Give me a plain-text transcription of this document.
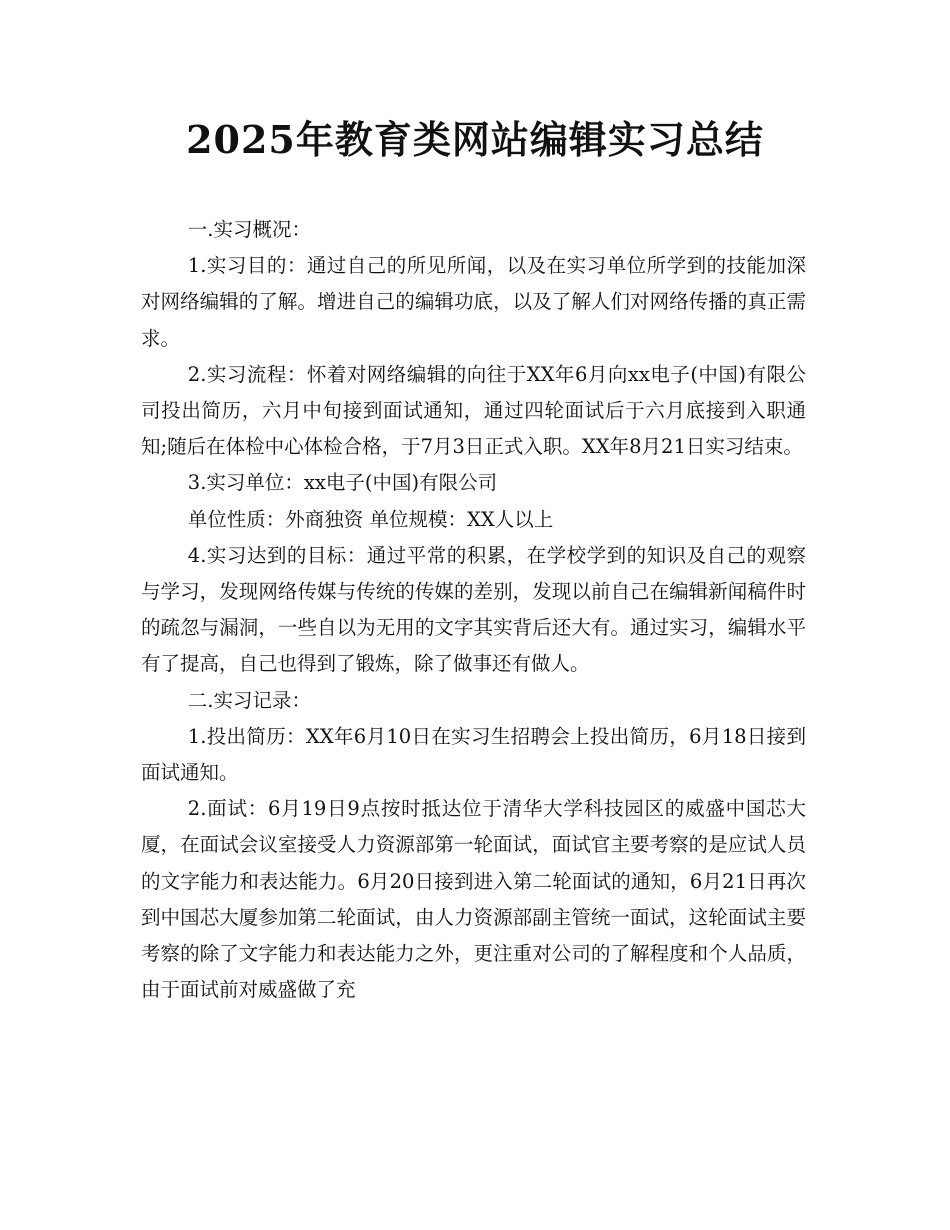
2025年教育类网站编辑实习总结

一.实习概况：

1.实习目的：通过自己的所见所闻，以及在实习单位所学到的技能加深对网络编辑的了解。增进自己的编辑功底，以及了解人们对网络传播的真正需求。

2.实习流程：怀着对网络编辑的向往于XX年6月向xx电子(中国)有限公司投出简历，六月中旬接到面试通知，通过四轮面试后于六月底接到入职通知;随后在体检中心体检合格，于7月3日正式入职。XX年8月21日实习结束。

3.实习单位：xx电子(中国)有限公司

单位性质：外商独资 单位规模：XX人以上

4.实习达到的目标：通过平常的积累，在学校学到的知识及自己的观察与学习，发现网络传媒与传统的传媒的差别，发现以前自己在编辑新闻稿件时的疏忽与漏洞，一些自以为无用的文字其实背后还大有。通过实习，编辑水平有了提高，自己也得到了锻炼，除了做事还有做人。

二.实习记录：

1.投出简历：XX年6月10日在实习生招聘会上投出简历，6月18日接到面试通知。

2.面试：6月19日9点按时抵达位于清华大学科技园区的威盛中国芯大厦，在面试会议室接受人力资源部第一轮面试，面试官主要考察的是应试人员的文字能力和表达能力。6月20日接到进入第二轮面试的通知，6月21日再次到中国芯大厦参加第二轮面试，由人力资源部副主管统一面试，这轮面试主要考察的除了文字能力和表达能力之外，更注重对公司的了解程度和个人品质，由于面试前对威盛做了充
